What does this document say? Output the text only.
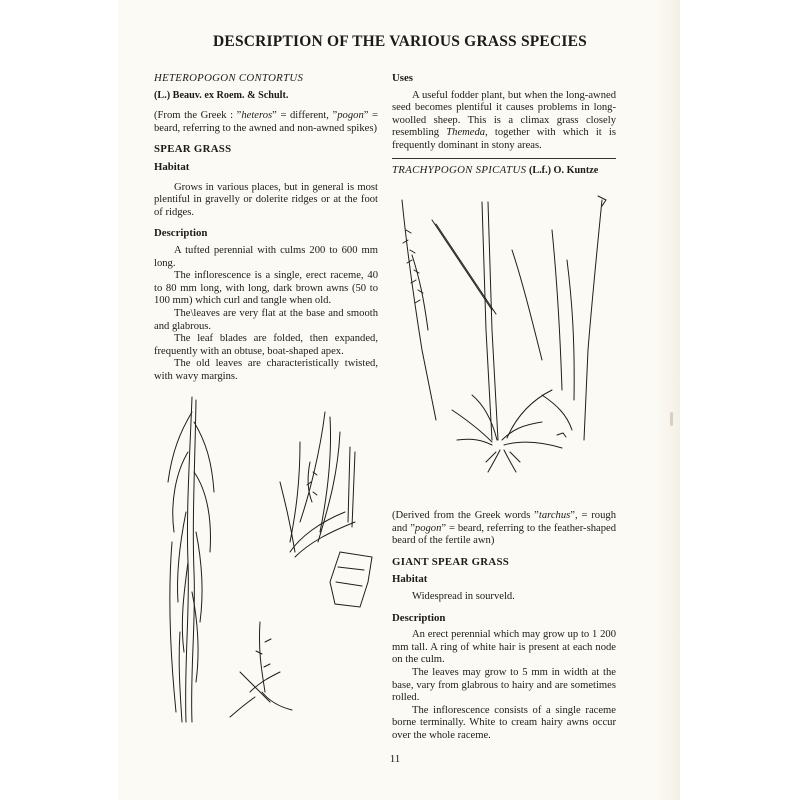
DESCRIPTION OF THE VARIOUS GRASS SPECIES
HETEROPOGON CONTORTUS
(L.) Beauv. ex Roem. & Schult.

(From the Greek : ”heteros” = different, ”pogon” = beard, referring to the awned and non-awned spikes)

SPEAR GRASS
Habitat

Grows in various places, but in general is most plentiful in gravelly or dolerite ridges or at the foot of ridges.

Description

A tufted perennial with culms 200 to 600 mm long.

The inflorescence is a single, erect raceme, 40 to 80 mm long, with long, dark brown awns (50 to 100 mm) which curl and tangle when old.

The\leaves are very flat at the base and smooth and glabrous.

The leaf blades are folded, then expanded, frequently with an obtuse, boat-shaped apex.

The old leaves are characteristically twisted, with wavy margins.

Uses

A useful fodder plant, but when the long-awned seed becomes plentiful it causes problems in long-woolled sheep. This is a climax grass closely resembling Themeda, together with which it is frequently dominant in stony areas.

TRACHYPOGON SPICATUS (L.f.) O. Kuntze

(Derived from the Greek words ”tarchus”, = rough and ”pogon” = beard, referring to the feather-shaped beard of the fertile awn)

GIANT SPEAR GRASS
Habitat

Widespread in sourveld.

Description

An erect perennial which may grow up to 1 200 mm tall. A ring of white hair is present at each node on the culm.

The leaves may grow to 5 mm in width at the base, vary from glabrous to hairy and are sometimes rolled.

The inflorescence consists of a single raceme borne terminally. White to cream hairy awns occur over the whole raceme.

11
